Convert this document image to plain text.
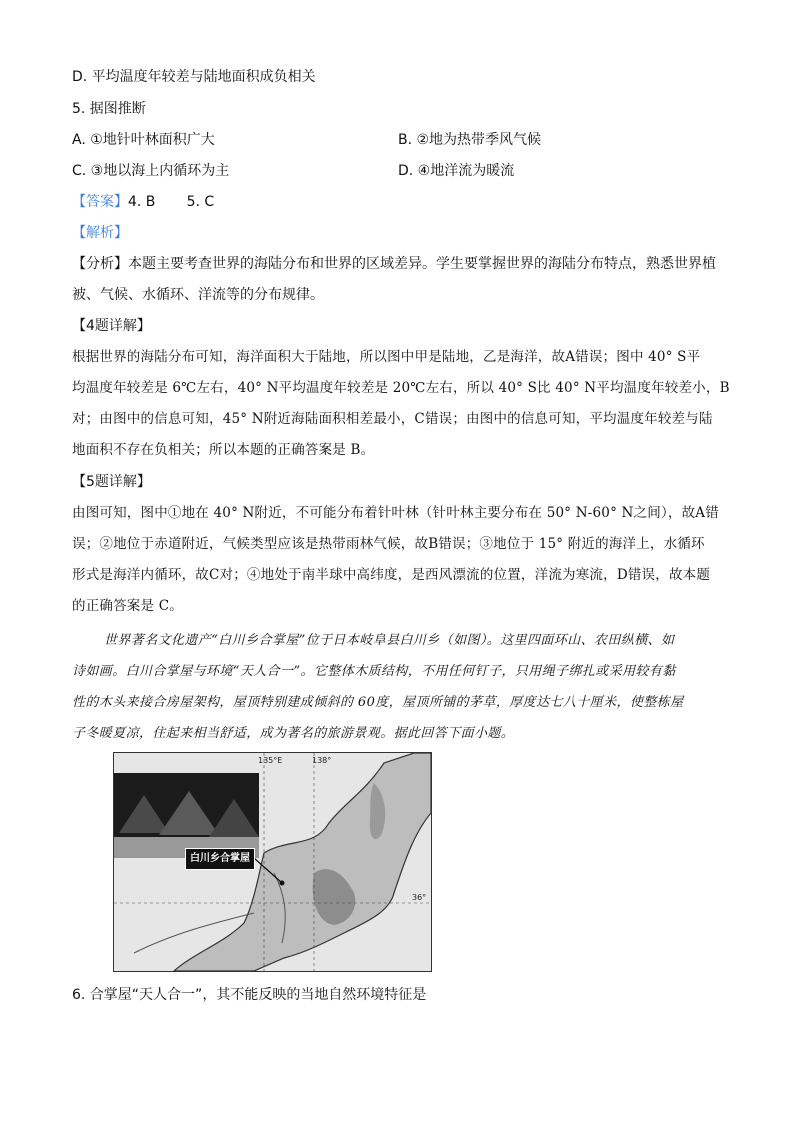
D. 平均温度年较差与陆地面积成负相关
5. 据图推断
A. ①地针叶林面积广大	B. ②地为热带季风气候
C. ③地以海上内循环为主	D. ④地洋流为暖流
【答案】4. B       5. C
【解析】
【分析】本题主要考查世界的海陆分布和世界的区域差异。学生要掌握世界的海陆分布特点，熟悉世界植
被、气候、水循环、洋流等的分布规律。
【4题详解】
根据世界的海陆分布可知，海洋面积大于陆地，所以图中甲是陆地，乙是海洋，故A错误；图中 40° S平
均温度年较差是 6℃左右，40° N平均温度年较差是 20℃左右，所以 40° S比 40° N平均温度年较差小，B
对；由图中的信息可知，45° N附近海陆面积相差最小，C错误；由图中的信息可知，平均温度年较差与陆
地面积不存在负相关；所以本题的正确答案是 B。
【5题详解】
由图可知，图中①地在 40° N附近，不可能分布着针叶林（针叶林主要分布在 50° N-60° N之间），故A错
误；②地位于赤道附近，气候类型应该是热带雨林气候，故B错误；③地位于 15° 附近的海洋上，水循环
形式是海洋内循环，故C对；④地处于南半球中高纬度，是西风漂流的位置，洋流为寒流，D错误，故本题
的正确答案是 C。
世界著名文化遗产“白川乡合掌屋”位于日本岐阜县白川乡（如图）。这里四面环山、农田纵横、如
诗如画。白川合掌屋与环境“天人合一”。它整体木质结构，不用任何钉子，只用绳子绑扎或采用较有黏
性的木头来接合房屋架构，屋顶特别建成倾斜的 60度，屋顶所铺的茅草，厚度达七八十厘米，使整栋屋
子冬暖夏凉，住起来相当舒适，成为著名的旅游景观。据此回答下面小题。
白川乡合掌屋
135°E	138°
36°
6. 合掌屋“天人合一”，其不能反映的当地自然环境特征是
